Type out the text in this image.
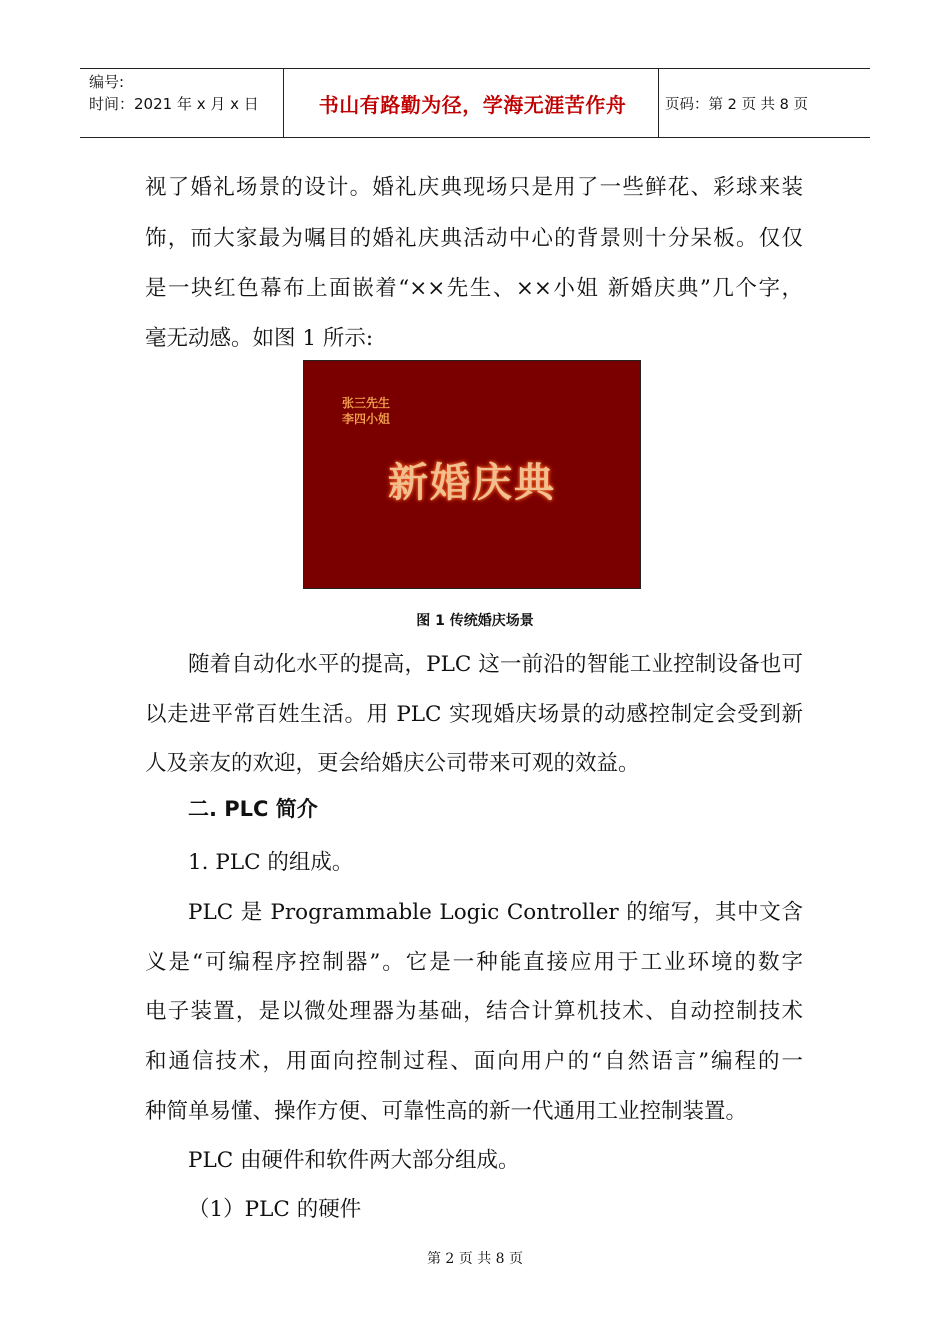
编号:
时间：2021 年 x 月 x 日	书山有路勤为径，学海无涯苦作舟	页码：第 2 页 共 8 页
视了婚礼场景的设计。婚礼庆典现场只是用了一些鲜花、彩球来装
饰，而大家最为嘱目的婚礼庆典活动中心的背景则十分呆板。仅仅
是一块红色幕布上面嵌着“××先生、××小姐 新婚庆典”几个字，
毫无动感。如图 1 所示:
张三先生
李四小姐
新婚庆典
图 1 传统婚庆场景
随着自动化水平的提高，PLC 这一前沿的智能工业控制设备也可
以走进平常百姓生活。用 PLC 实现婚庆场景的动感控制定会受到新
人及亲友的欢迎，更会给婚庆公司带来可观的效益。
二. PLC 简介
1. PLC 的组成。
PLC 是 Programmable Logic Controller 的缩写，其中文含
义是“可编程序控制器”。它是一种能直接应用于工业环境的数字
电子装置，是以微处理器为基础，结合计算机技术、自动控制技术
和通信技术，用面向控制过程、面向用户的“自然语言”编程的一
种简单易懂、操作方便、可靠性高的新一代通用工业控制装置。
PLC 由硬件和软件两大部分组成。
（1）PLC 的硬件
第 2 页 共 8 页
